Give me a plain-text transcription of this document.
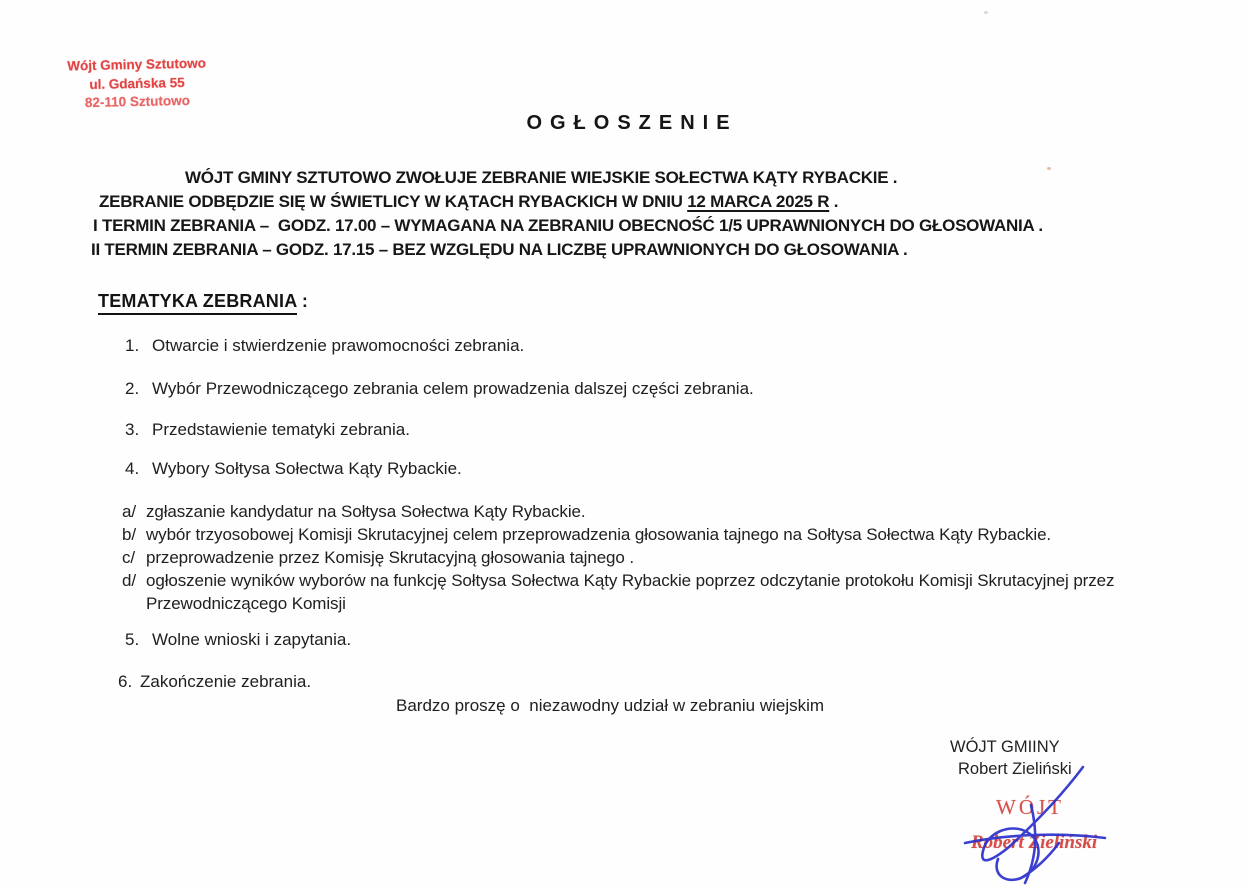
Wójt Gminy Sztutowo
ul. Gdańska 55
82-110 Sztutowo
OGŁOSZENIE
WÓJT GMINY SZTUTOWO ZWOŁUJE ZEBRANIE WIEJSKIE SOŁECTWA KĄTY RYBACKIE .
ZEBRANIE ODBĘDZIE SIĘ W ŚWIETLICY W KĄTACH RYBACKICH W DNIU 12 MARCA 2025 R .
I TERMIN ZEBRANIA –  GODZ. 17.00 – WYMAGANA NA ZEBRANIU OBECNOŚĆ 1/5 UPRAWNIONYCH DO GŁOSOWANIA .
II TERMIN ZEBRANIA – GODZ. 17.15 – BEZ WZGLĘDU NA LICZBĘ UPRAWNIONYCH DO GŁOSOWANIA .
TEMATYKA ZEBRANIA :
1. Otwarcie i stwierdzenie prawomocności zebrania.
2. Wybór Przewodniczącego zebrania celem prowadzenia dalszej części zebrania.
3. Przedstawienie tematyki zebrania.
4. Wybory Sołtysa Sołectwa Kąty Rybackie.
a/ zgłaszanie kandydatur na Sołtysa Sołectwa Kąty Rybackie.
b/ wybór trzyosobowej Komisji Skrutacyjnej celem przeprowadzenia głosowania tajnego na Sołtysa Sołectwa Kąty Rybackie.
c/ przeprowadzenie przez Komisję Skrutacyjną głosowania tajnego .
d/ ogłoszenie wyników wyborów na funkcję Sołtysa Sołectwa Kąty Rybackie poprzez odczytanie protokołu Komisji Skrutacyjnej przez Przewodniczącego Komisji
5. Wolne wnioski i zapytania.
6. Zakończenie zebrania.
Bardzo proszę o  niezawodny udział w zebraniu wiejskim
WÓJT GMIINY
Robert Zieliński
WÓJT
Robert Zieliński
